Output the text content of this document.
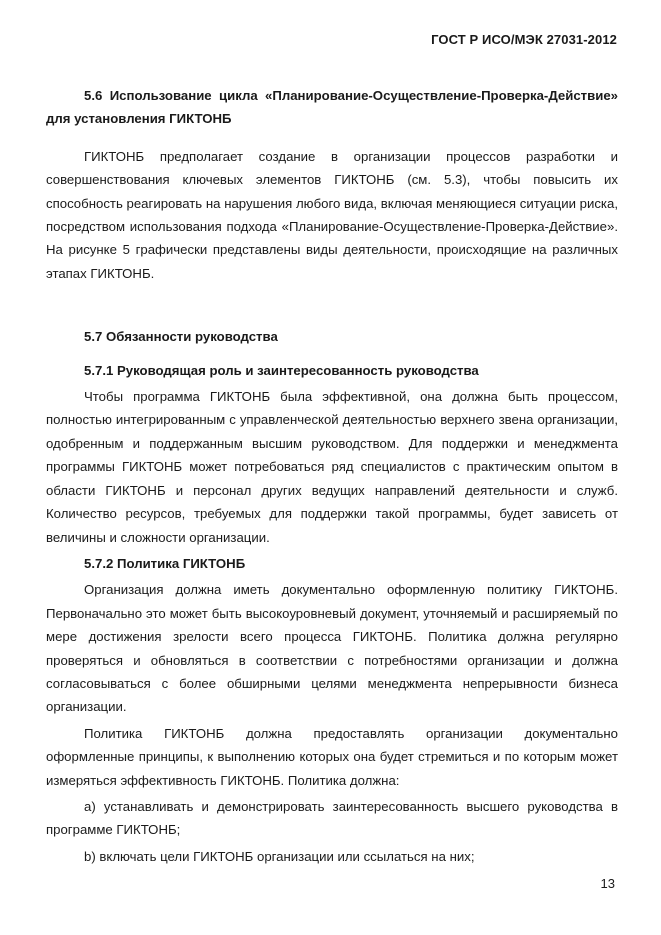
ГОСТ Р ИСО/МЭК 27031-2012

5.6 Использование цикла «Планирование-Осуществление-Проверка-Действие» для установления ГИКТОНБ

ГИКТОНБ предполагает создание в организации процессов разработки и совершенствования ключевых элементов ГИКТОНБ (см. 5.3), чтобы повысить их способность реагировать на нарушения любого вида, включая меняющиеся ситуации риска, посредством использования подхода «Планирование-Осуществление-Проверка-Действие». На рисунке 5 графически представлены виды деятельности, происходящие на различных этапах ГИКТОНБ.

5.7 Обязанности руководства

5.7.1 Руководящая роль и заинтересованность руководства

Чтобы программа ГИКТОНБ была эффективной, она должна быть процессом, полностью интегрированным с управленческой деятельностью верхнего звена организации, одобренным и поддержанным высшим руководством. Для поддержки и менеджмента программы ГИКТОНБ может потребоваться ряд специалистов с практическим опытом в области ГИКТОНБ и персонал других ведущих направлений деятельности и служб. Количество ресурсов, требуемых для поддержки такой программы, будет зависеть от величины и сложности организации.

5.7.2 Политика ГИКТОНБ

Организация должна иметь документально оформленную политику ГИКТОНБ. Первоначально это может быть высокоуровневый документ, уточняемый и расширяемый по мере достижения зрелости всего процесса ГИКТОНБ. Политика должна регулярно проверяться и обновляться в соответствии с потребностями организации и должна согласовываться с более обширными целями менеджмента непрерывности бизнеса организации.

Политика ГИКТОНБ должна предоставлять организации документально оформленные принципы, к выполнению которых она будет стремиться и по которым может измеряться эффективность ГИКТОНБ. Политика должна:

а) устанавливать и демонстрировать заинтересованность высшего руководства в программе ГИКТОНБ;

b) включать цели ГИКТОНБ организации или ссылаться на них;

13
